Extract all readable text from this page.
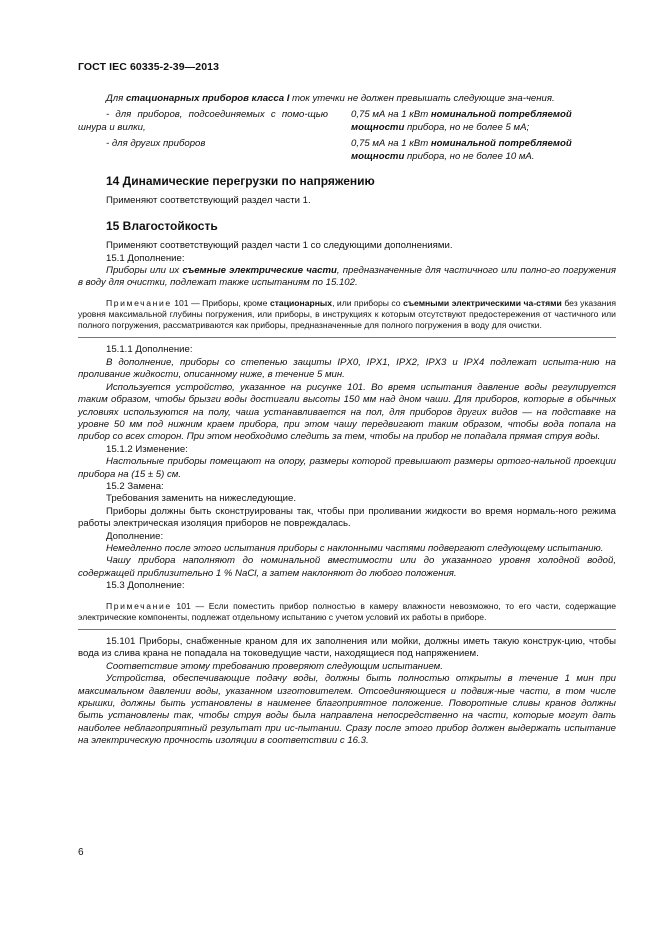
ГОСТ IEC 60335-2-39—2013

Для стационарных приборов класса I ток утечки не должен превышать следующие зна-чения.

- для приборов, подсоединяемых с помо-щью шнура и вилки,
0,75 мА на 1 кВт номинальной потребляемой мощности прибора, но не более 5 мА;
- для других приборов	0,75 мА на 1 кВт номинальной потребляемой мощности прибора, но не более 10 мА.
14 Динамические перегрузки по напряжению

Применяют соответствующий раздел части 1.

15 Влагостойкость

Применяют соответствующий раздел части 1 со следующими дополнениями.

15.1 Дополнение:

Приборы или их съемные электрические части, предназначенные для частичного или полно-го погружения в воду для очистки, подлежат также испытаниям по 15.102.

Примечание 101 — Приборы, кроме стационарных, или приборы со съемными электрическими ча-стями без указания уровня максимальной глубины погружения, или приборы, в инструкциях к которым отсутствуют предостережения от частичного или полного погружения, рассматриваются как приборы, предназначенные для полного погружения в воду для очистки.

15.1.1 Дополнение:

В дополнение, приборы со степенью защиты IPX0, IPX1, IPX2, IPX3 и IPX4 подлежат испыта-нию на проливание жидкости, описанному ниже, в течение 5 мин.

Используется устройство, указанное на рисунке 101. Во время испытания давление воды регулируется таким образом, чтобы брызги воды достигали высоты 150 мм над дном чаши. Для приборов, которые в обычных условиях используются на полу, чаша устанавливается на пол, для приборов других видов — на подставке на уровне 50 мм под нижним краем прибора, при этом чашу передвигают таким образом, чтобы вода попала на прибор со всех сторон. При этом необходимо следить за тем, чтобы на прибор не попадала прямая струя воды.

15.1.2 Изменение:

Настольные приборы помещают на опору, размеры которой превышают размеры ортого-нальной проекции прибора на (15 ± 5) см.

15.2 Замена:

Требования заменить на нижеследующие.

Приборы должны быть сконструированы так, чтобы при проливании жидкости во время нормаль-ного режима работы электрическая изоляция приборов не повреждалась.

Дополнение:

Немедленно после этого испытания приборы с наклонными частями подвергают следующему испытанию.

Чашу прибора наполняют до номинальной вместимости или до указанного уровня холодной водой, содержащей приблизительно 1 % NaCl, а затем наклоняют до любого положения.

15.3 Дополнение:

Примечание 101 — Если поместить прибор полностью в камеру влажности невозможно, то его части, содержащие электрические компоненты, подлежат отдельному испытанию с учетом условий их работы в приборе.

15.101 Приборы, снабженные краном для их заполнения или мойки, должны иметь такую конструк-цию, чтобы вода из слива крана не попадала на токоведущие части, находящиеся под напряжением.

Соответствие этому требованию проверяют следующим испытанием.

Устройства, обеспечивающие подачу воды, должны быть полностью открыты в течение 1 мин при максимальном давлении воды, указанном изготовителем. Отсоединяющиеся и подвиж-ные части, в том числе крышки, должны быть установлены в наименее благоприятное положение. Поворотные сливы кранов должны быть установлены так, чтобы струя воды была направлена непосредственно на части, которые могут дать наиболее неблагоприятный результат при ис-пытании. Сразу после этого прибор должен выдержать испытание на электрическую прочность изоляции в соответствии с 16.3.

6
